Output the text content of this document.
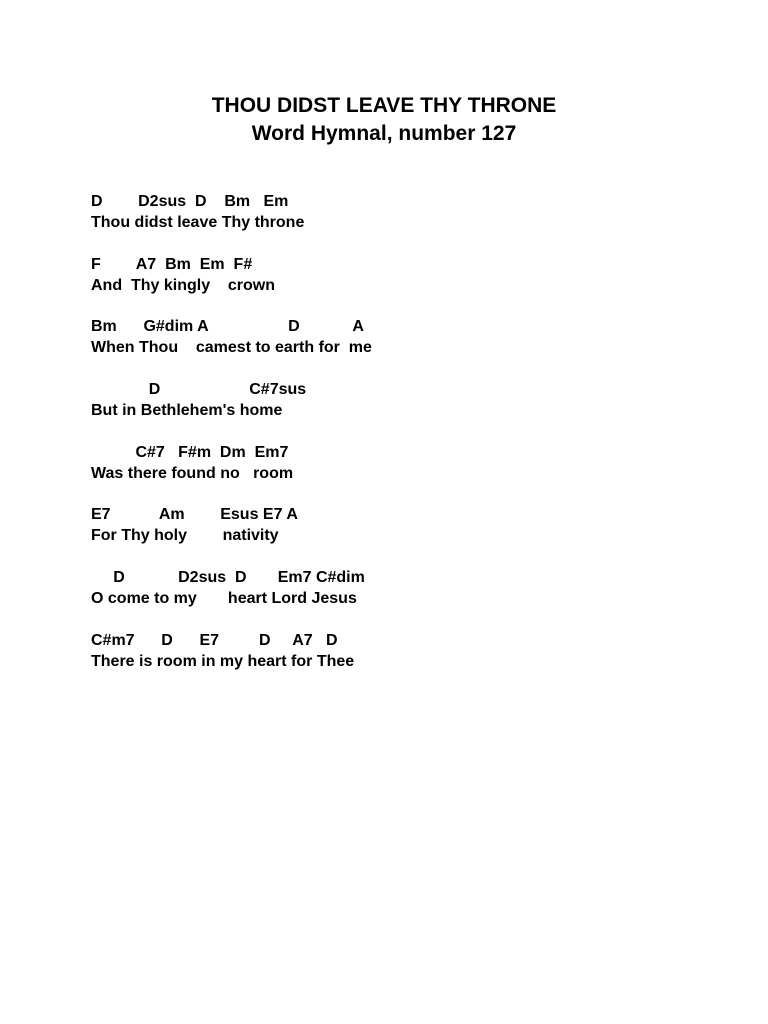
THOU DIDST LEAVE THY THRONE
Word Hymnal, number 127
D        D2sus  D    Bm   Em
Thou didst leave Thy throne
F        A7  Bm  Em  F#
And  Thy kingly    crown
Bm      G#dim A                  D            A
When Thou    camest to earth for  me
D                    C#7sus
But in Bethlehem's home
C#7   F#m  Dm  Em7
Was there found no   room
E7           Am        Esus E7 A
For Thy holy        nativity
D            D2sus  D       Em7 C#dim
O come to my       heart Lord Jesus
C#m7      D      E7         D     A7   D
There is room in my heart for Thee
